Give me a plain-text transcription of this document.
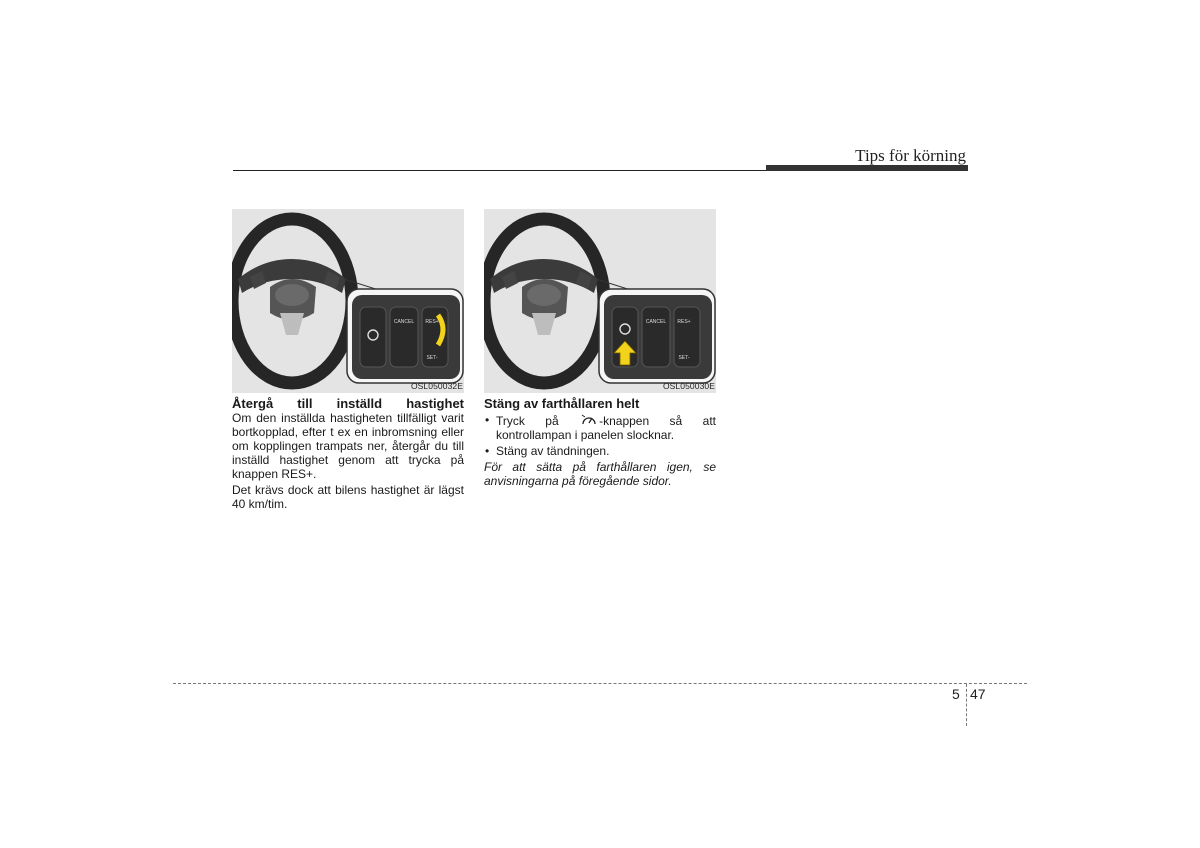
Tips för körning
CANCEL RES+
SET-
OSL050032E
CANCEL RES+
SET-
OSL050030E
Återgå till inställd hastighet

Om den inställda hastigheten tillfälligt varit bortkopplad, efter t ex en inbromsning eller om kopplingen trampats ner, återgår du till inställd hastighet genom att trycka på knappen RES+.

Det krävs dock att bilens hastighet är lägst 40 km/tim.

Stäng av farthållaren helt
• Tryck på	-knappen så att kontrollampan i panelen slocknar.
• Stäng av tändningen.
För att sätta på farthållaren igen, se anvisningarna på föregående sidor.
5 47
